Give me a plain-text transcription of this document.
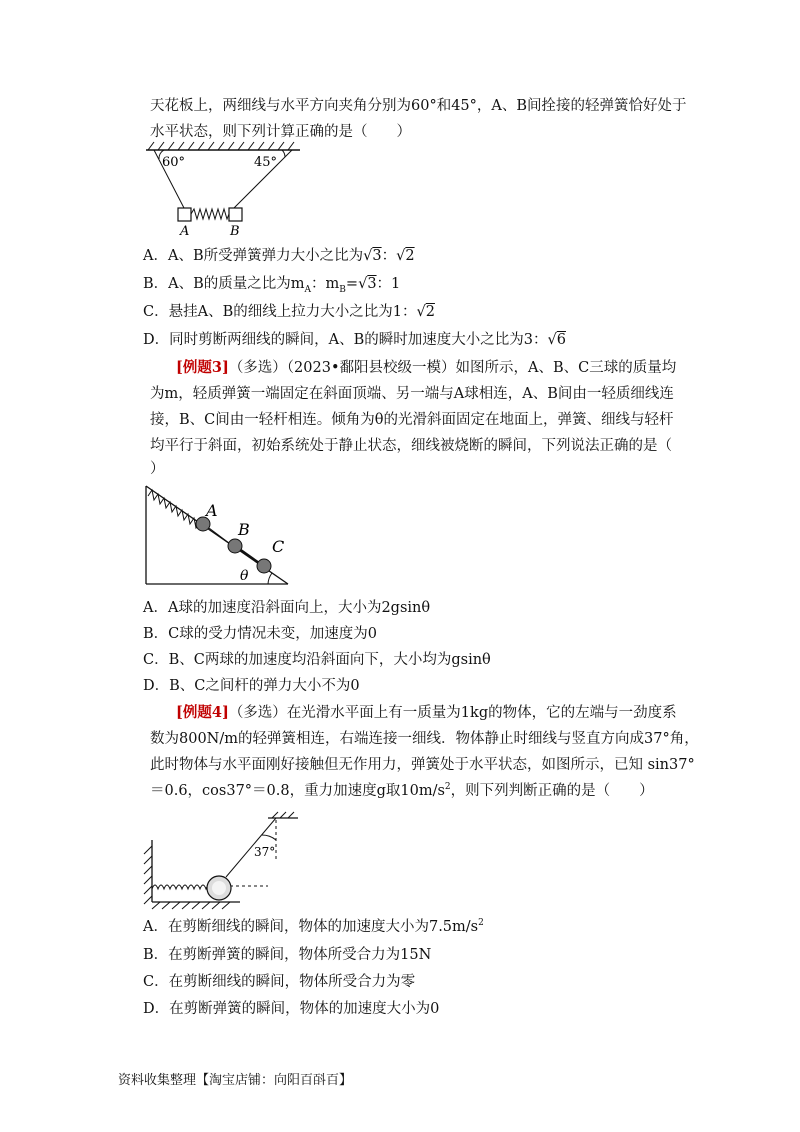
天花板上，两细线与水平方向夹角分别为60°和45°，A、B间拴接的轻弹簧恰好处于
水平状态，则下列计算正确的是（　　）
60°	45°
A	B
A．A、B所受弹簧弹力大小之比为√3：√2
B．A、B的质量之比为$m_A$：$m_B=√3$：1
C．悬挂A、B的细线上拉力大小之比为1：√2
D．同时剪断两细线的瞬间，A、B的瞬时加速度大小之比为3：√6
[例题3]（多选）（2023•鄱阳县校级一模）如图所示，A、B、C三球的质量均
为m，轻质弹簧一端固定在斜面顶端、另一端与A球相连，A、B间由一轻质细线连
接，B、C间由一轻杆相连。倾角为θ的光滑斜面固定在地面上，弹簧、细线与轻杆
均平行于斜面，初始系统处于静止状态，细线被烧断的瞬间，下列说法正确的是（
）
A
B
C
θ
A．A球的加速度沿斜面向上，大小为2gsinθ
B．C球的受力情况未变，加速度为0
C．B、C两球的加速度均沿斜面向下，大小均为gsinθ
D．B、C之间杆的弹力大小不为0
[例题4]（多选）在光滑水平面上有一质量为1kg的物体，它的左端与一劲度系
数为800N/m的轻弹簧相连，右端连接一细线．物体静止时细线与竖直方向成37°角，
此时物体与水平面刚好接触但无作用力，弹簧处于水平状态，如图所示，已知 sin37°
＝0.6，cos37°＝0.8，重力加速度g取$10m/s^2$，则下列判断正确的是（　　）
37°
A．在剪断细线的瞬间，物体的加速度大小为$7.5m/s^2$
B．在剪断弹簧的瞬间，物体所受合力为15N
C．在剪断细线的瞬间，物体所受合力为零
D．在剪断弹簧的瞬间，物体的加速度大小为0
资料收集整理【淘宝店铺：向阳百㪶百】
